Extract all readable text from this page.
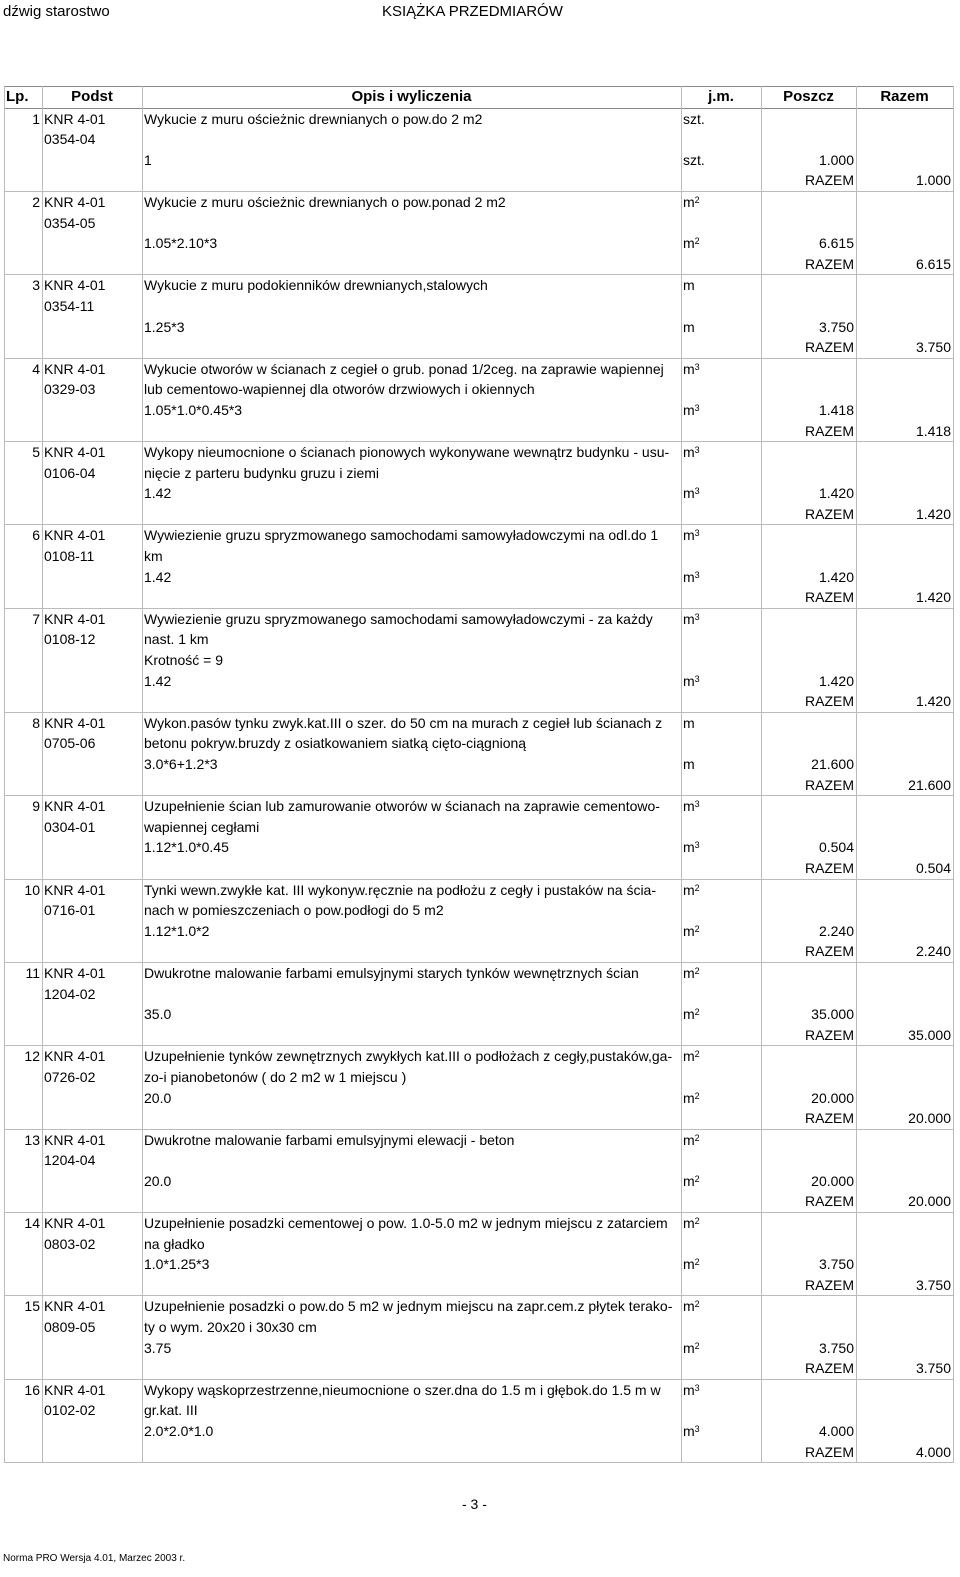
dźwig starostwo	KSIĄŻKA PRZEDMIARÓW
Lp.	Podst	Opis i wyliczenia	j.m.	Poszcz	Razem
1	KNR 4-01	Wykucie z muru ościeżnic drewnianych o pow.do 2 m2	szt.		
	0354-04				
		1	szt.	1.000	
				RAZEM	1.000
2	KNR 4-01	Wykucie z muru ościeżnic drewnianych o pow.ponad 2 m2	$m^2$		
	0354-05				
		1.05*2.10*3	$m^2$	6.615	
				RAZEM	6.615
3	KNR 4-01	Wykucie z muru podokienników drewnianych,stalowych	m		
	0354-11				
		1.25*3	m	3.750	
				RAZEM	3.750
4	KNR 4-01	Wykucie otworów w ścianach z cegieł o grub. ponad 1/2ceg. na zaprawie wapiennej	$m^3$		
	0329-03	lub cementowo-wapiennej dla otworów drzwiowych i okiennych			
		1.05*1.0*0.45*3	$m^3$	1.418	
				RAZEM	1.418
5	KNR 4-01	Wykopy nieumocnione o ścianach pionowych wykonywane wewnątrz budynku - usu-	$m^3$		
	0106-04	nięcie z parteru budynku gruzu i ziemi			
		1.42	$m^3$	1.420	
				RAZEM	1.420
6	KNR 4-01	Wywiezienie gruzu spryzmowanego samochodami samowyładowczymi na odl.do 1	$m^3$		
	0108-11	km			
		1.42	$m^3$	1.420	
				RAZEM	1.420
7	KNR 4-01	Wywiezienie gruzu spryzmowanego samochodami samowyładowczymi - za każdy	$m^3$		
	0108-12	nast. 1 km			
		Krotność = 9			
		1.42	$m^3$	1.420	
				RAZEM	1.420
8	KNR 4-01	Wykon.pasów tynku zwyk.kat.III o szer. do 50 cm na murach z cegieł lub ścianach z	m		
	0705-06	betonu pokryw.bruzdy z osiatkowaniem siatką cięto-ciągnioną			
		3.0*6+1.2*3	m	21.600	
				RAZEM	21.600
9	KNR 4-01	Uzupełnienie ścian lub zamurowanie otworów w ścianach na zaprawie cementowo-	$m^3$		
	0304-01	wapiennej cegłami			
		1.12*1.0*0.45	$m^3$	0.504	
				RAZEM	0.504
10	KNR 4-01	Tynki wewn.zwykłe kat. III wykonyw.ręcznie na podłożu z cegły i pustaków na ścia-	$m^2$		
	0716-01	nach w pomieszczeniach o pow.podłogi do 5 m2			
		1.12*1.0*2	$m^2$	2.240	
				RAZEM	2.240
11	KNR 4-01	Dwukrotne malowanie farbami emulsyjnymi starych tynków wewnętrznych ścian	$m^2$		
	1204-02				
		35.0	$m^2$	35.000	
				RAZEM	35.000
12	KNR 4-01	Uzupełnienie tynków zewnętrznych zwykłych kat.III o podłożach z cegły,pustaków,ga-	$m^2$		
	0726-02	zo-i pianobetonów ( do 2 m2 w 1 miejscu )			
		20.0	$m^2$	20.000	
				RAZEM	20.000
13	KNR 4-01	Dwukrotne malowanie farbami emulsyjnymi elewacji - beton	$m^2$		
	1204-04				
		20.0	$m^2$	20.000	
				RAZEM	20.000
14	KNR 4-01	Uzupełnienie posadzki cementowej o pow. 1.0-5.0 m2 w jednym miejscu z zatarciem	$m^2$		
	0803-02	na gładko			
		1.0*1.25*3	$m^2$	3.750	
				RAZEM	3.750
15	KNR 4-01	Uzupełnienie posadzki o pow.do 5 m2 w jednym miejscu na zapr.cem.z płytek terako-	$m^2$		
	0809-05	ty o wym. 20x20 i 30x30 cm			
		3.75	$m^2$	3.750	
				RAZEM	3.750
16	KNR 4-01	Wykopy wąskoprzestrzenne,nieumocnione o szer.dna do 1.5 m i głębok.do 1.5 m w	$m^3$		
	0102-02	gr.kat. III			
		2.0*2.0*1.0	$m^3$	4.000	
				RAZEM	4.000
- 3 -
Norma PRO Wersja 4.01, Marzec 2003 r.
